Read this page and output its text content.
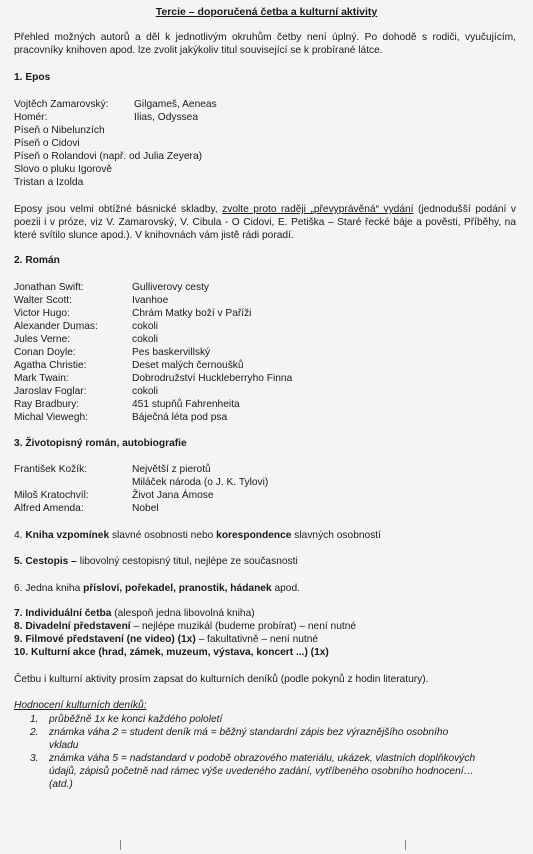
Tercie – doporučená četba a kulturní aktivity
Přehled možných autorů a děl k jednotlivým okruhům četby není úplný. Po dohodě s rodiči, vyučujícím, pracovníky knihoven apod. lze zvolit jakýkoliv titul související se k probírané látce.
1. Epos
Vojtěch Zamarovský: Gilgameš, Aeneas
Homér:	Ilias, Odyssea
Píseň o Nibelunzích
Píseň o Cidovi
Píseň o Rolandovi (např. od Julia Zeyera)
Slovo o pluku Igorově
Tristan a Izolda
Eposy jsou velmi obtížné básnické skladby, zvolte proto raději „převyprávěná“ vydání (jednodušší podání v poezii i v próze, viz V. Zamarovský, V. Cibula - O Cidovi, E. Petiška – Staré řecké báje a pověsti, Příběhy, na které svítilo slunce apod.). V knihovnách vám jistě rádi poradí.
2. Román
Jonathan Swift:	Gulliverovy cesty
Walter Scott:	Ivanhoe
Victor Hugo:	Chrám Matky boží v Paříži
Alexander Dumas:	cokoli
Jules Verne:	cokoli
Conan Doyle:	Pes baskervillský
Agatha Christie:	Deset malých černoušků
Mark Twain:	Dobrodružství Huckleberryho Finna
Jaroslav Foglar:	cokoli
Ray Bradbury:	451 stupňů Fahrenheita
Michal Viewegh:	Báječná léta pod psa
3. Životopisný román, autobiografie
František Kožík:	Největší z pierotů
Miláček národa (o J. K. Tylovi)
Miloš Kratochvíl:	Život Jana Ámose
Alfred Amenda:	Nobel
4. Kniha vzpomínek slavné osobnosti nebo korespondence slavných osobností
5. Cestopis – libovolný cestopisný titul, nejlépe ze současnosti
6. Jedna kniha přísloví, pořekadel, pranostik, hádanek apod.
7. Individuální četba (alespoň jedna libovolná kniha)
8. Divadelní představení – nejlépe muzikál (budeme probírat) – není nutné
9. Filmové představení (ne video) (1x) – fakultativně – není nutné
10. Kulturní akce (hrad, zámek, muzeum, výstava, koncert ...) (1x)
Četbu i kulturní aktivity prosím zapsat do kulturních deníků (podle pokynů z hodin literatury).
Hodnocení kulturních deníků:
1. průběžně 1x ke konci každého pololetí
2. známka váha 2 = student deník má = běžný standardní zápis bez výraznějšího osobního vkladu
3. známka váha 5 = nadstandard v podobě obrazového materiálu, ukázek, vlastních doplňkových údajů, zápisů početně nad rámec výše uvedeného zadání, vytříbeného osobního hodnocení… (atd.)
